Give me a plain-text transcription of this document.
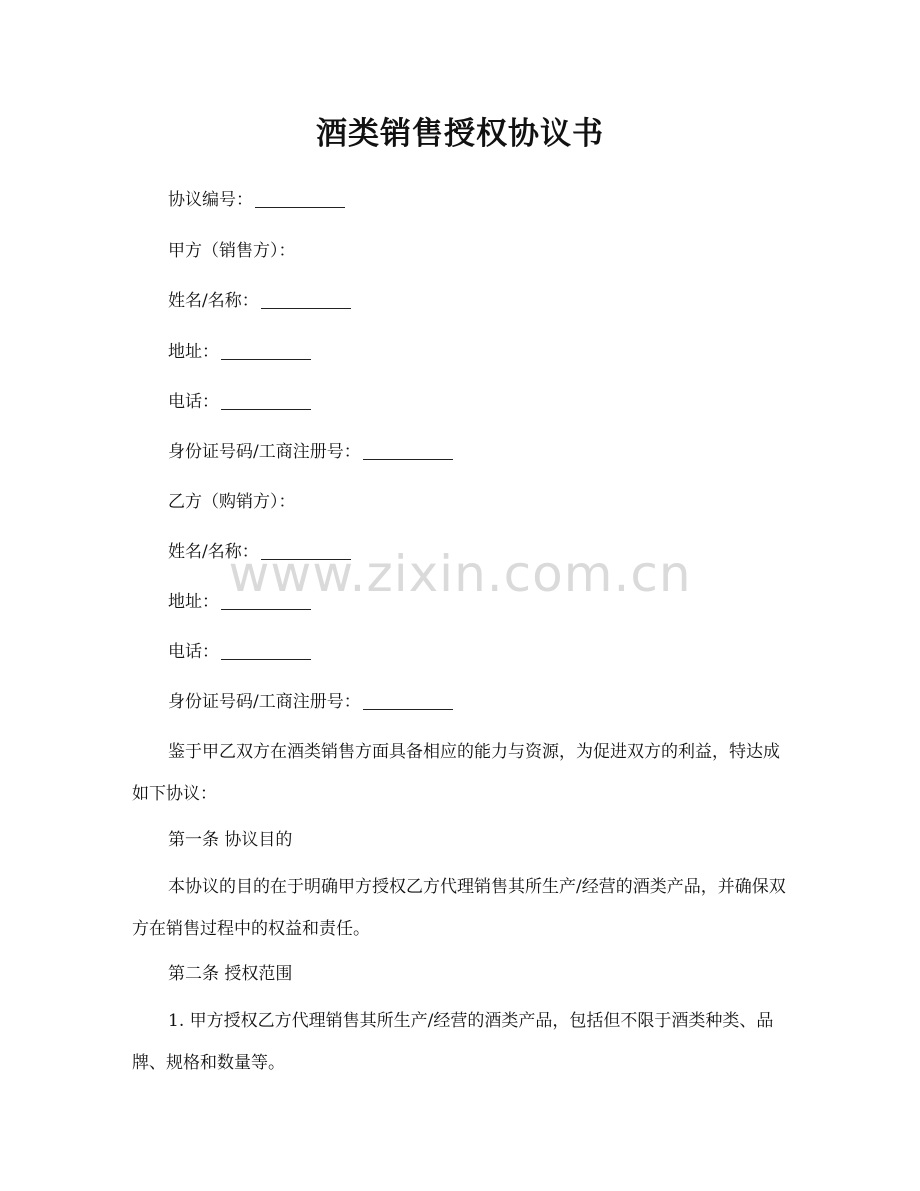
酒类销售授权协议书
协议编号：
甲方（销售方）：
姓名/名称：
地址：
电话：
身份证号码/工商注册号：
乙方（购销方）：
姓名/名称：
地址：
电话：
身份证号码/工商注册号：
鉴于甲乙双方在酒类销售方面具备相应的能力与资源，为促进双方的利益，特达成如下协议：
第一条 协议目的
本协议的目的在于明确甲方授权乙方代理销售其所生产/经营的酒类产品，并确保双方在销售过程中的权益和责任。
第二条 授权范围
1. 甲方授权乙方代理销售其所生产/经营的酒类产品，包括但不限于酒类种类、品牌、规格和数量等。
www.zixin.com.cn
